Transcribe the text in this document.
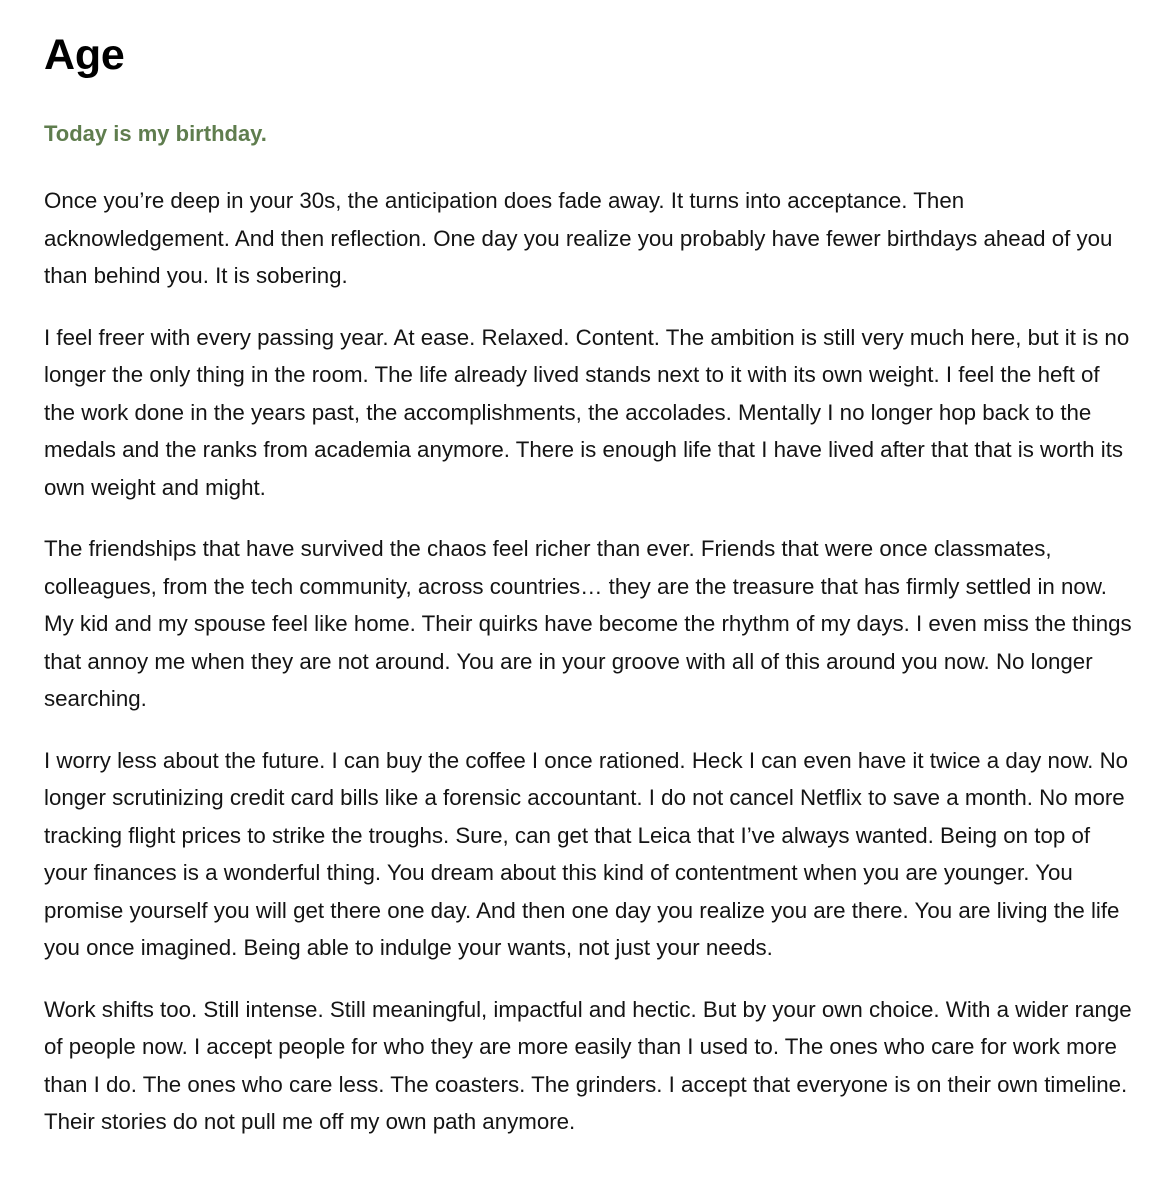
Age
Today is my birthday.

Once you’re deep in your 30s, the anticipation does fade away. It turns into acceptance. Then acknowledgement. And then reflection. One day you realize you probably have fewer birthdays ahead of you than behind you. It is sobering.

I feel freer with every passing year. At ease. Relaxed. Content. The ambition is still very much here, but it is no longer the only thing in the room. The life already lived stands next to it with its own weight. I feel the heft of the work done in the years past, the accomplishments, the accolades. Mentally I no longer hop back to the medals and the ranks from academia anymore. There is enough life that I have lived after that that is worth its own weight and might.

The friendships that have survived the chaos feel richer than ever. Friends that were once classmates, colleagues, from the tech community, across countries… they are the treasure that has firmly settled in now. My kid and my spouse feel like home. Their quirks have become the rhythm of my days. I even miss the things that annoy me when they are not around. You are in your groove with all of this around you now. No longer searching.

I worry less about the future. I can buy the coffee I once rationed. Heck I can even have it twice a day now. No longer scrutinizing credit card bills like a forensic accountant. I do not cancel Netflix to save a month. No more tracking flight prices to strike the troughs. Sure, can get that Leica that I’ve always wanted. Being on top of your finances is a wonderful thing. You dream about this kind of contentment when you are younger. You promise yourself you will get there one day. And then one day you realize you are there. You are living the life you once imagined. Being able to indulge your wants, not just your needs.

Work shifts too. Still intense. Still meaningful, impactful and hectic. But by your own choice. With a wider range of people now. I accept people for who they are more easily than I used to. The ones who care for work more than I do. The ones who care less. The coasters. The grinders. I accept that everyone is on their own timeline. Their stories do not pull me off my own path anymore.
